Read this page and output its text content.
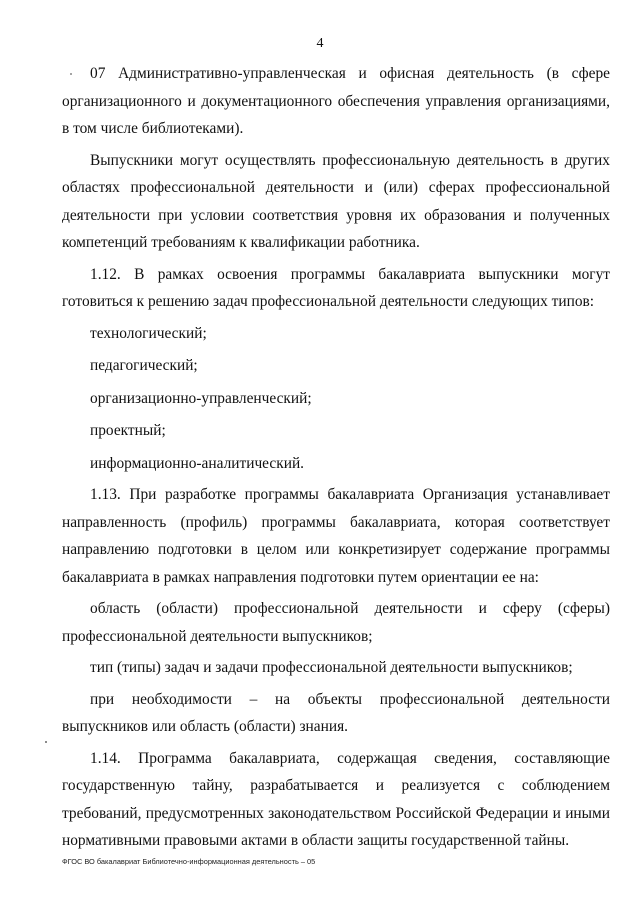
4

07 Административно-управленческая и офисная деятельность (в сфере организационного и документационного обеспечения управления организациями, в том числе библиотеками).

Выпускники могут осуществлять профессиональную деятельность в других областях профессиональной деятельности и (или) сферах профессиональной деятельности при условии соответствия уровня их образования и полученных компетенций требованиям к квалификации работника.

1.12. В рамках освоения программы бакалавриата выпускники могут готовиться к решению задач профессиональной деятельности следующих типов:

технологический;

педагогический;

организационно-управленческий;

проектный;

информационно-аналитический.

1.13. При разработке программы бакалавриата Организация устанавливает направленность (профиль) программы бакалавриата, которая соответствует направлению подготовки в целом или конкретизирует содержание программы бакалавриата в рамках направления подготовки путем ориентации ее на:

область (области) профессиональной деятельности и сферу (сферы) профессиональной деятельности выпускников;

тип (типы) задач и задачи профессиональной деятельности выпускников;

при необходимости – на объекты профессиональной деятельности выпускников или область (области) знания.

1.14. Программа бакалавриата, содержащая сведения, составляющие государственную тайну, разрабатывается и реализуется с соблюдением требований, предусмотренных законодательством Российской Федерации и иными нормативными правовыми актами в области защиты государственной тайны.

ФГОС ВО бакалавриат Библиотечно-информационная деятельность – 05
